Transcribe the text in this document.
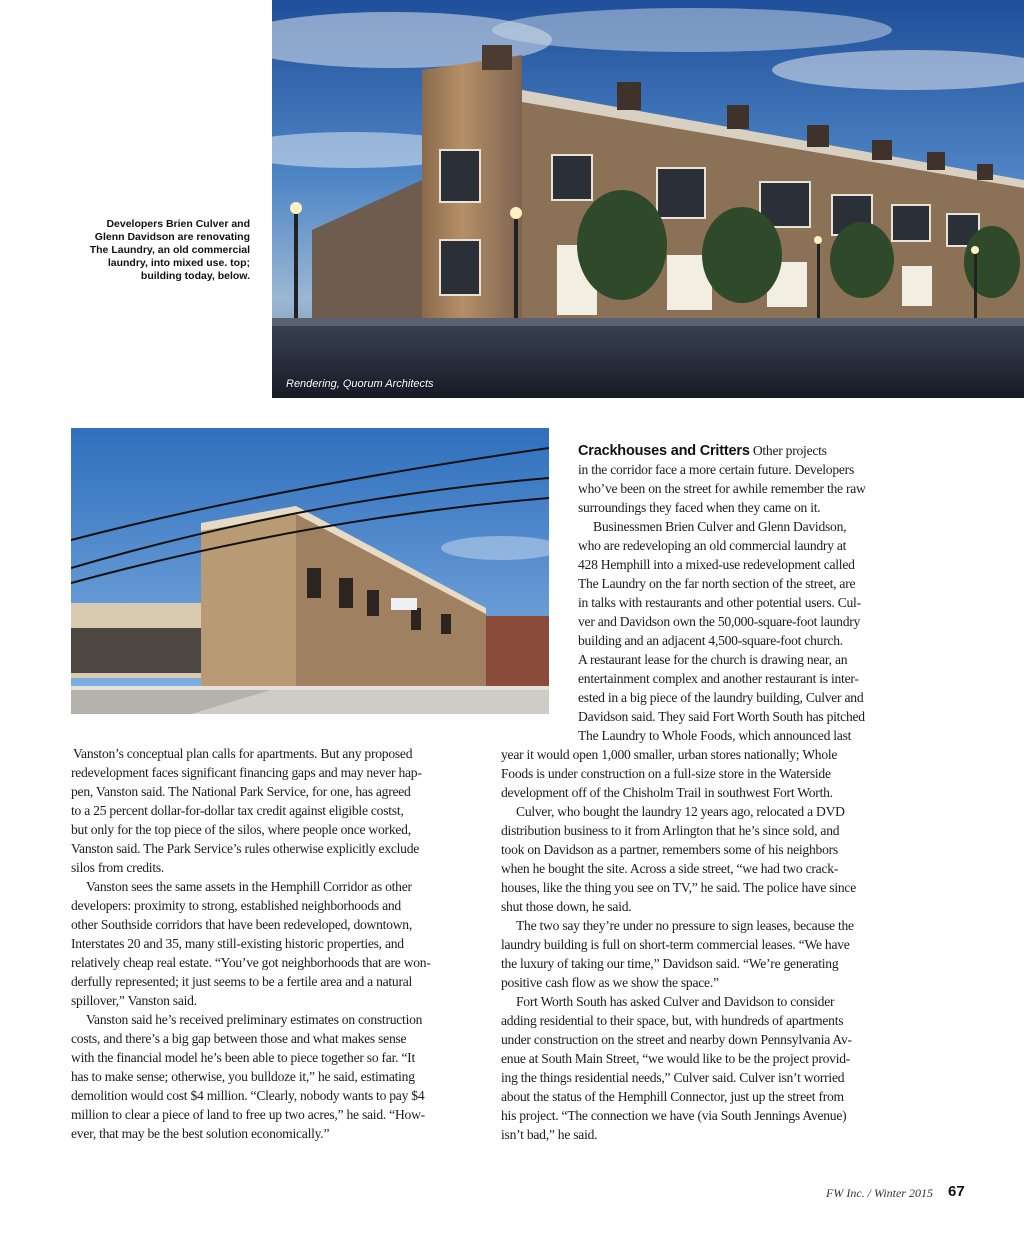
Rendering, Quorum Architects
Developers Brien Culver and
Glenn Davidson are renovating
The Laundry, an old commercial
laundry, into mixed use. top;
building today, below.
Vanston’s conceptual plan calls for apartments. But any proposed
redevelopment faces significant financing gaps and may never hap-
pen, Vanston said. The National Park Service, for one, has agreed
to a 25 percent dollar-for-dollar tax credit against eligible costst,
but only for the top piece of the silos, where people once worked,
Vanston said. The Park Service’s rules otherwise explicitly exclude
silos from credits.
Vanston sees the same assets in the Hemphill Corridor as other
developers: proximity to strong, established neighborhoods and
other Southside corridors that have been redeveloped, downtown,
Interstates 20 and 35, many still-existing historic properties, and
relatively cheap real estate. “You’ve got neighborhoods that are won-
derfully represented; it just seems to be a fertile area and a natural
spillover,” Vanston said.
Vanston said he’s received preliminary estimates on construction
costs, and there’s a big gap between those and what makes sense
with the financial model he’s been able to piece together so far. “It
has to make sense; otherwise, you bulldoze it,” he said, estimating
demolition would cost $4 million. “Clearly, nobody wants to pay $4
million to clear a piece of land to free up two acres,” he said. “How-
ever, that may be the best solution economically.”
Crackhouses and Critters Other projects
in the corridor face a more certain future. Developers
who’ve been on the street for awhile remember the raw
surroundings they faced when they came on it.
Businessmen Brien Culver and Glenn Davidson,
who are redeveloping an old commercial laundry at
428 Hemphill into a mixed-use redevelopment called
The Laundry on the far north section of the street, are
in talks with restaurants and other potential users. Cul-
ver and Davidson own the 50,000-square-foot laundry
building and an adjacent 4,500-square-foot church.
A restaurant lease for the church is drawing near, an
entertainment complex and another restaurant is inter-
ested in a big piece of the laundry building, Culver and
Davidson said. They said Fort Worth South has pitched
The Laundry to Whole Foods, which announced last
year it would open 1,000 smaller, urban stores nationally; Whole
Foods is under construction on a full-size store in the Waterside
development off of the Chisholm Trail in southwest Fort Worth.
Culver, who bought the laundry 12 years ago, relocated a DVD
distribution business to it from Arlington that he’s since sold, and
took on Davidson as a partner, remembers some of his neighbors
when he bought the site. Across a side street, “we had two crack-
houses, like the thing you see on TV,” he said. The police have since
shut those down, he said.
The two say they’re under no pressure to sign leases, because the
laundry building is full on short-term commercial leases. “We have
the luxury of taking our time,” Davidson said. “We’re generating
positive cash flow as we show the space.”
Fort Worth South has asked Culver and Davidson to consider
adding residential to their space, but, with hundreds of apartments
under construction on the street and nearby down Pennsylvania Av-
enue at South Main Street, “we would like to be the project provid-
ing the things residential needs,” Culver said. Culver isn’t worried
about the status of the Hemphill Connector, just up the street from
his project. “The connection we have (via South Jennings Avenue)
isn’t bad,” he said.
FW Inc. / Winter 2015 67
